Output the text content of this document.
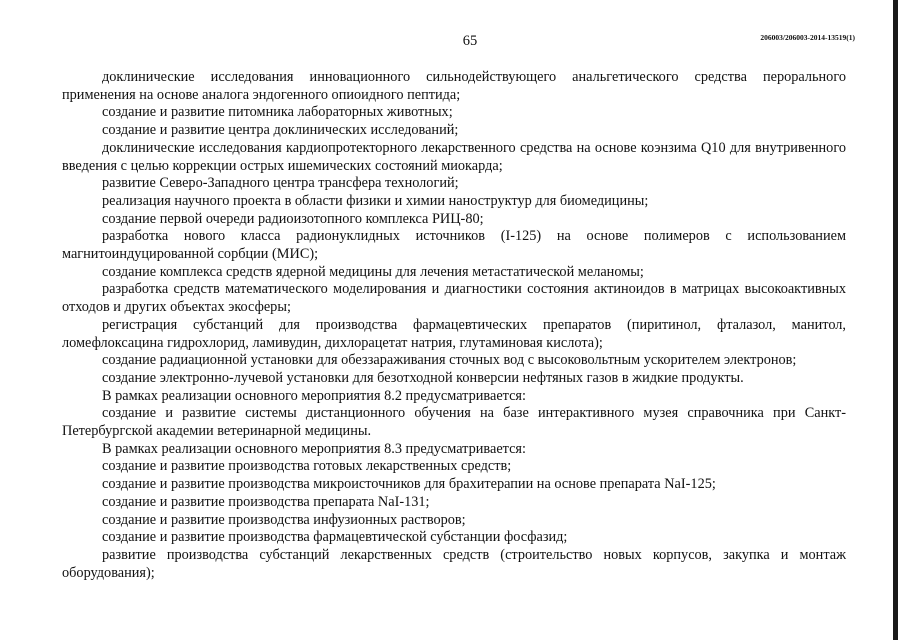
65	206003/206003-2014-13519(1)

доклинические исследования инновационного сильнодействующего анальгетического средства перорального применения на основе аналога эндогенного опиоидного пептида;

создание и развитие питомника лабораторных животных;

создание и развитие центра доклинических исследований;

доклинические исследования кардиопротекторного лекарственного средства на основе коэнзима Q10 для внутривенного введения с целью коррекции острых ишемических состояний миокарда;

развитие Северо-Западного центра трансфера технологий;

реализация научного проекта в области физики и химии наноструктур для биомедицины;

создание первой очереди радиоизотопного комплекса РИЦ-80;

разработка нового класса радионуклидных источников (I-125) на основе полимеров с использованием магнитоиндуцированной сорбции (МИС);

создание комплекса средств ядерной медицины для лечения метастатической меланомы;

разработка средств математического моделирования и диагностики состояния актиноидов в матрицах высокоактивных отходов и других объектах экосферы;

регистрация субстанций для производства фармацевтических препаратов (пиритинол, фталазол, манитол, ломефлоксацина гидрохлорид, ламивудин, дихлорацетат натрия, глутаминовая кислота);

создание радиационной установки для обеззараживания сточных вод с высоковольтным ускорителем электронов;

создание электронно-лучевой установки для безотходной конверсии нефтяных газов в жидкие продукты.

В рамках реализации основного мероприятия 8.2 предусматривается:

создание и развитие системы дистанционного обучения на базе интерактивного музея справочника при Санкт-Петербургской академии ветеринарной медицины.

В рамках реализации основного мероприятия 8.3 предусматривается:

создание и развитие производства готовых лекарственных средств;

создание и развитие производства микроисточников для брахитерапии на основе препарата NaI-125;

создание и развитие производства препарата NaI-131;

создание и развитие производства инфузионных растворов;

создание и развитие производства фармацевтической субстанции фосфазид;

развитие производства субстанций лекарственных средств (строительство новых корпусов, закупка и монтаж оборудования);
